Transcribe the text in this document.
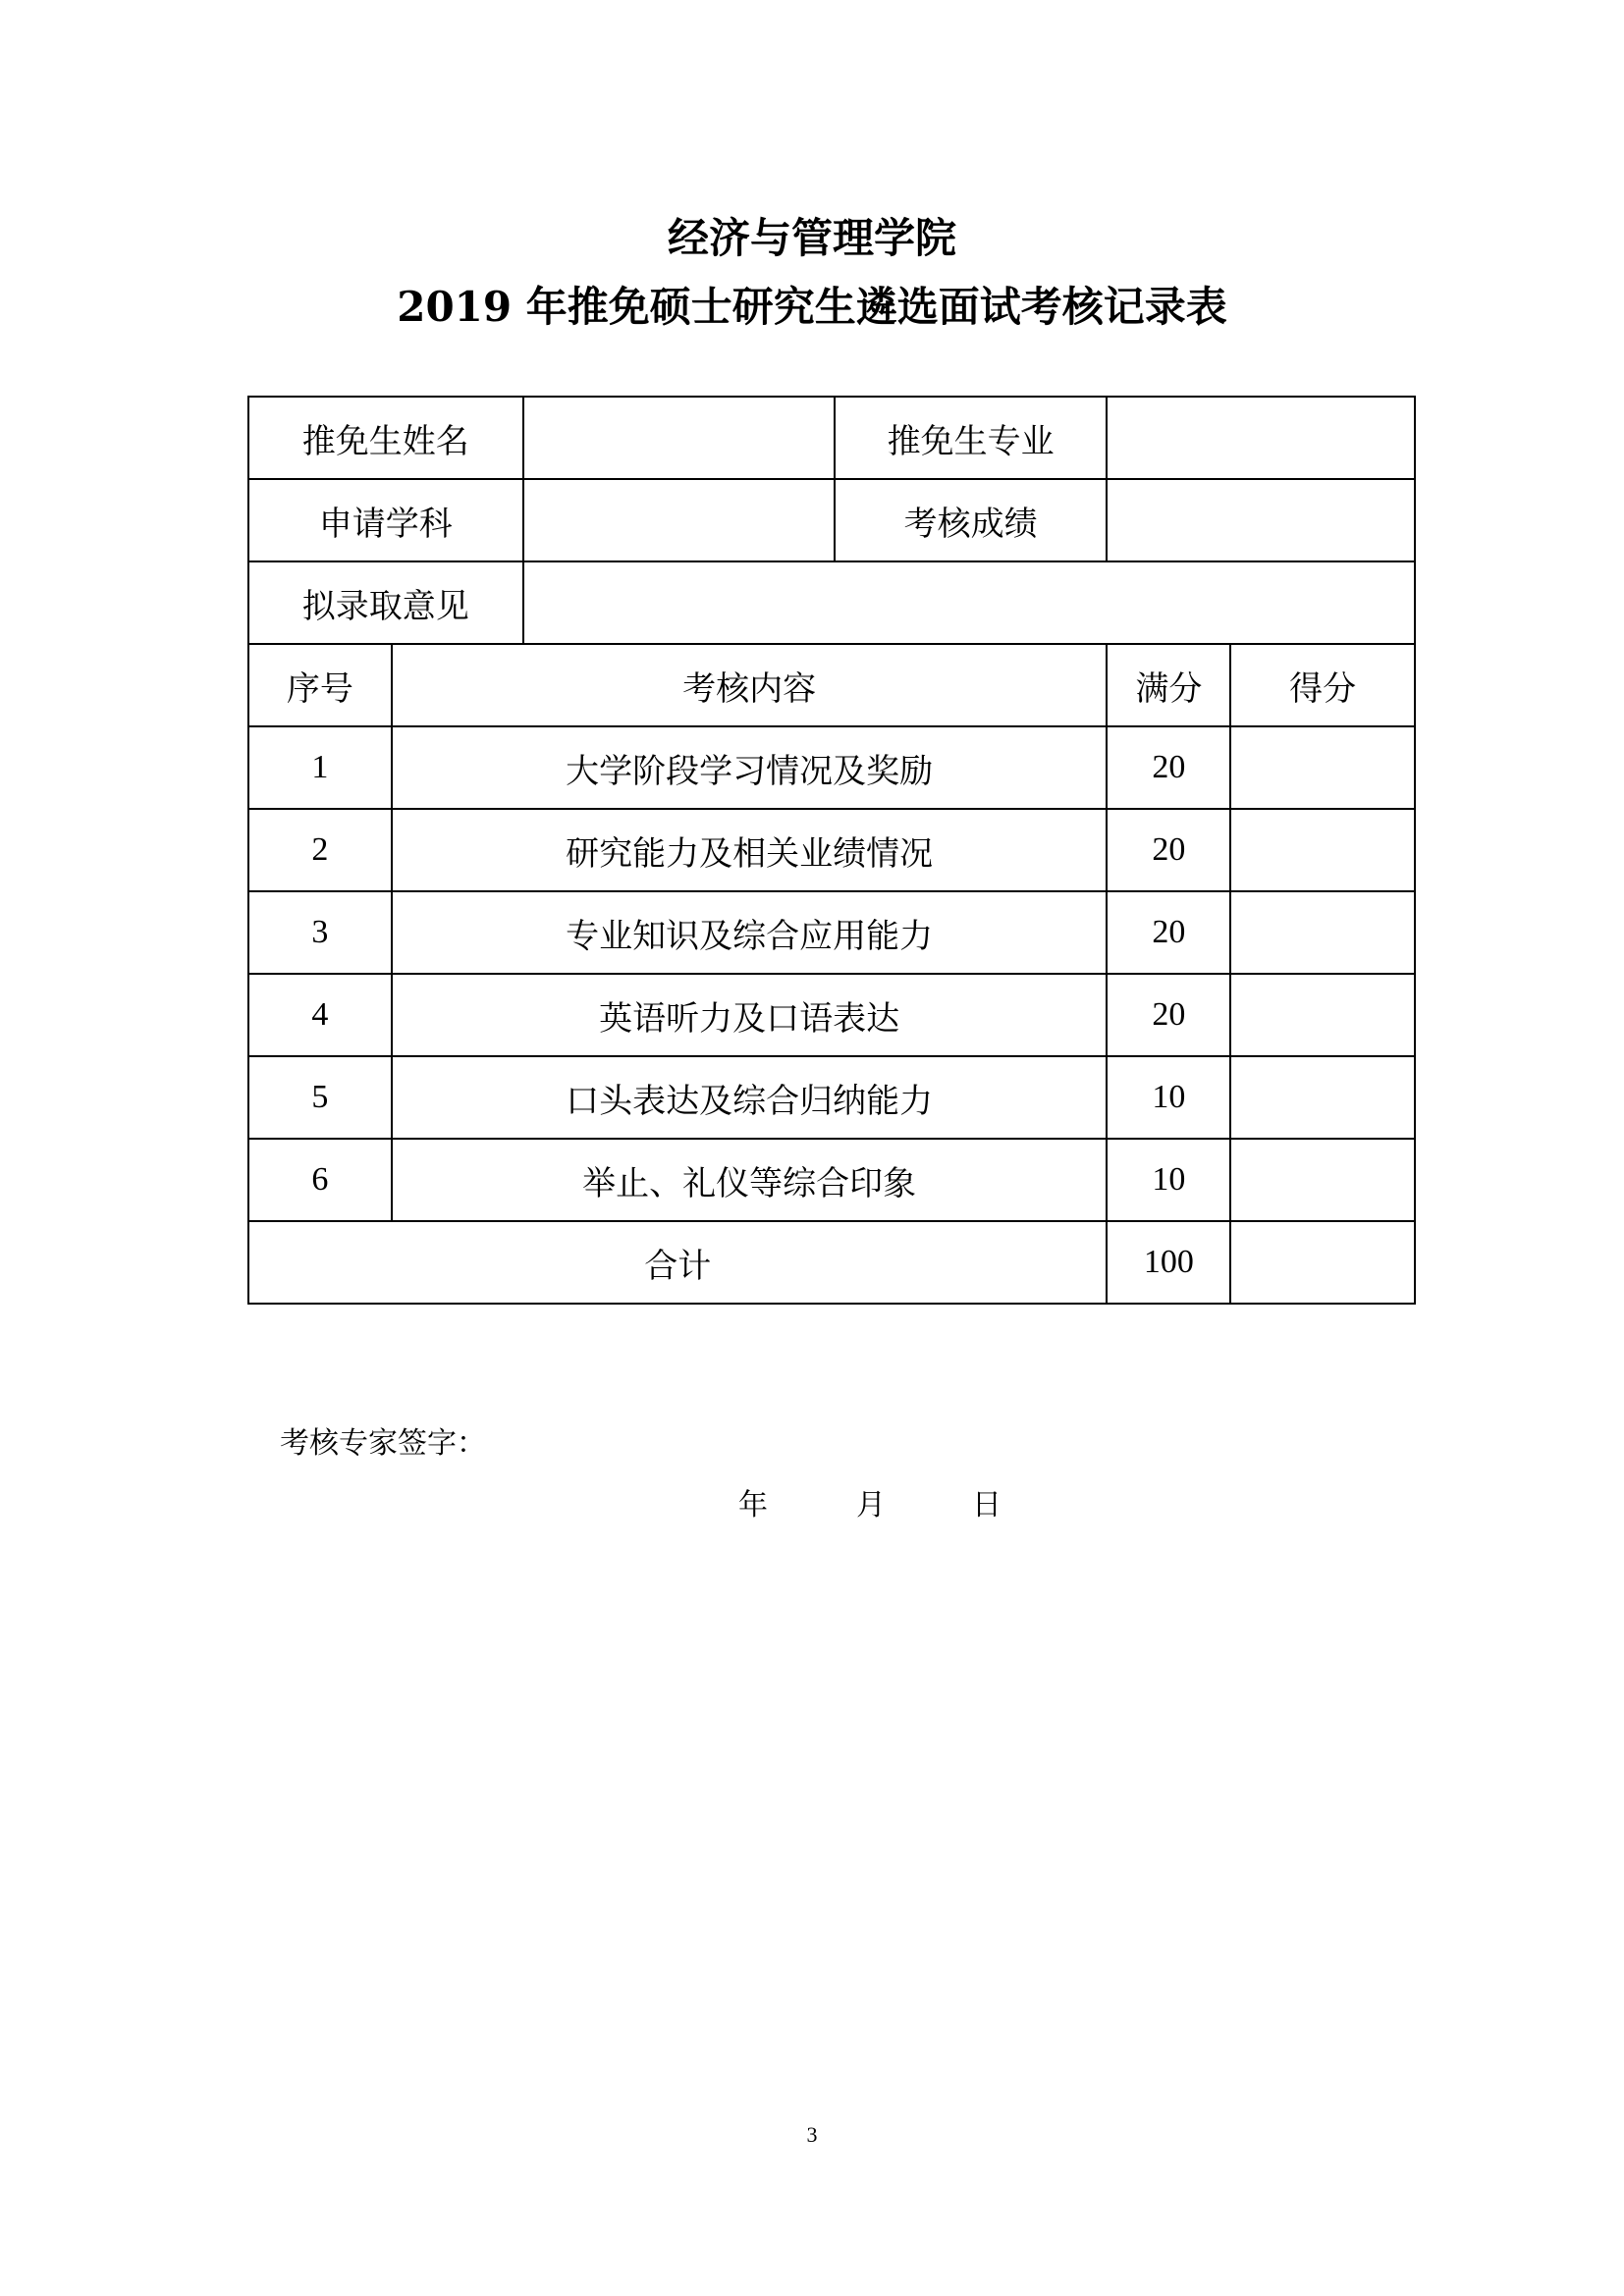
经济与管理学院
2019 年推免硕士研究生遴选面试考核记录表
推免生姓名			推免生专业		
申请学科			考核成绩		
拟录取意见					
序号	考核内容			满分	得分
1	大学阶段学习情况及奖励			20	
2	研究能力及相关业绩情况			20	
3	专业知识及综合应用能力			20	
4	英语听力及口语表达			20	
5	口头表达及综合归纳能力			10	
6	举止、礼仪等综合印象			10	
合计				100	
考核专家签字：
年	月	日
3
